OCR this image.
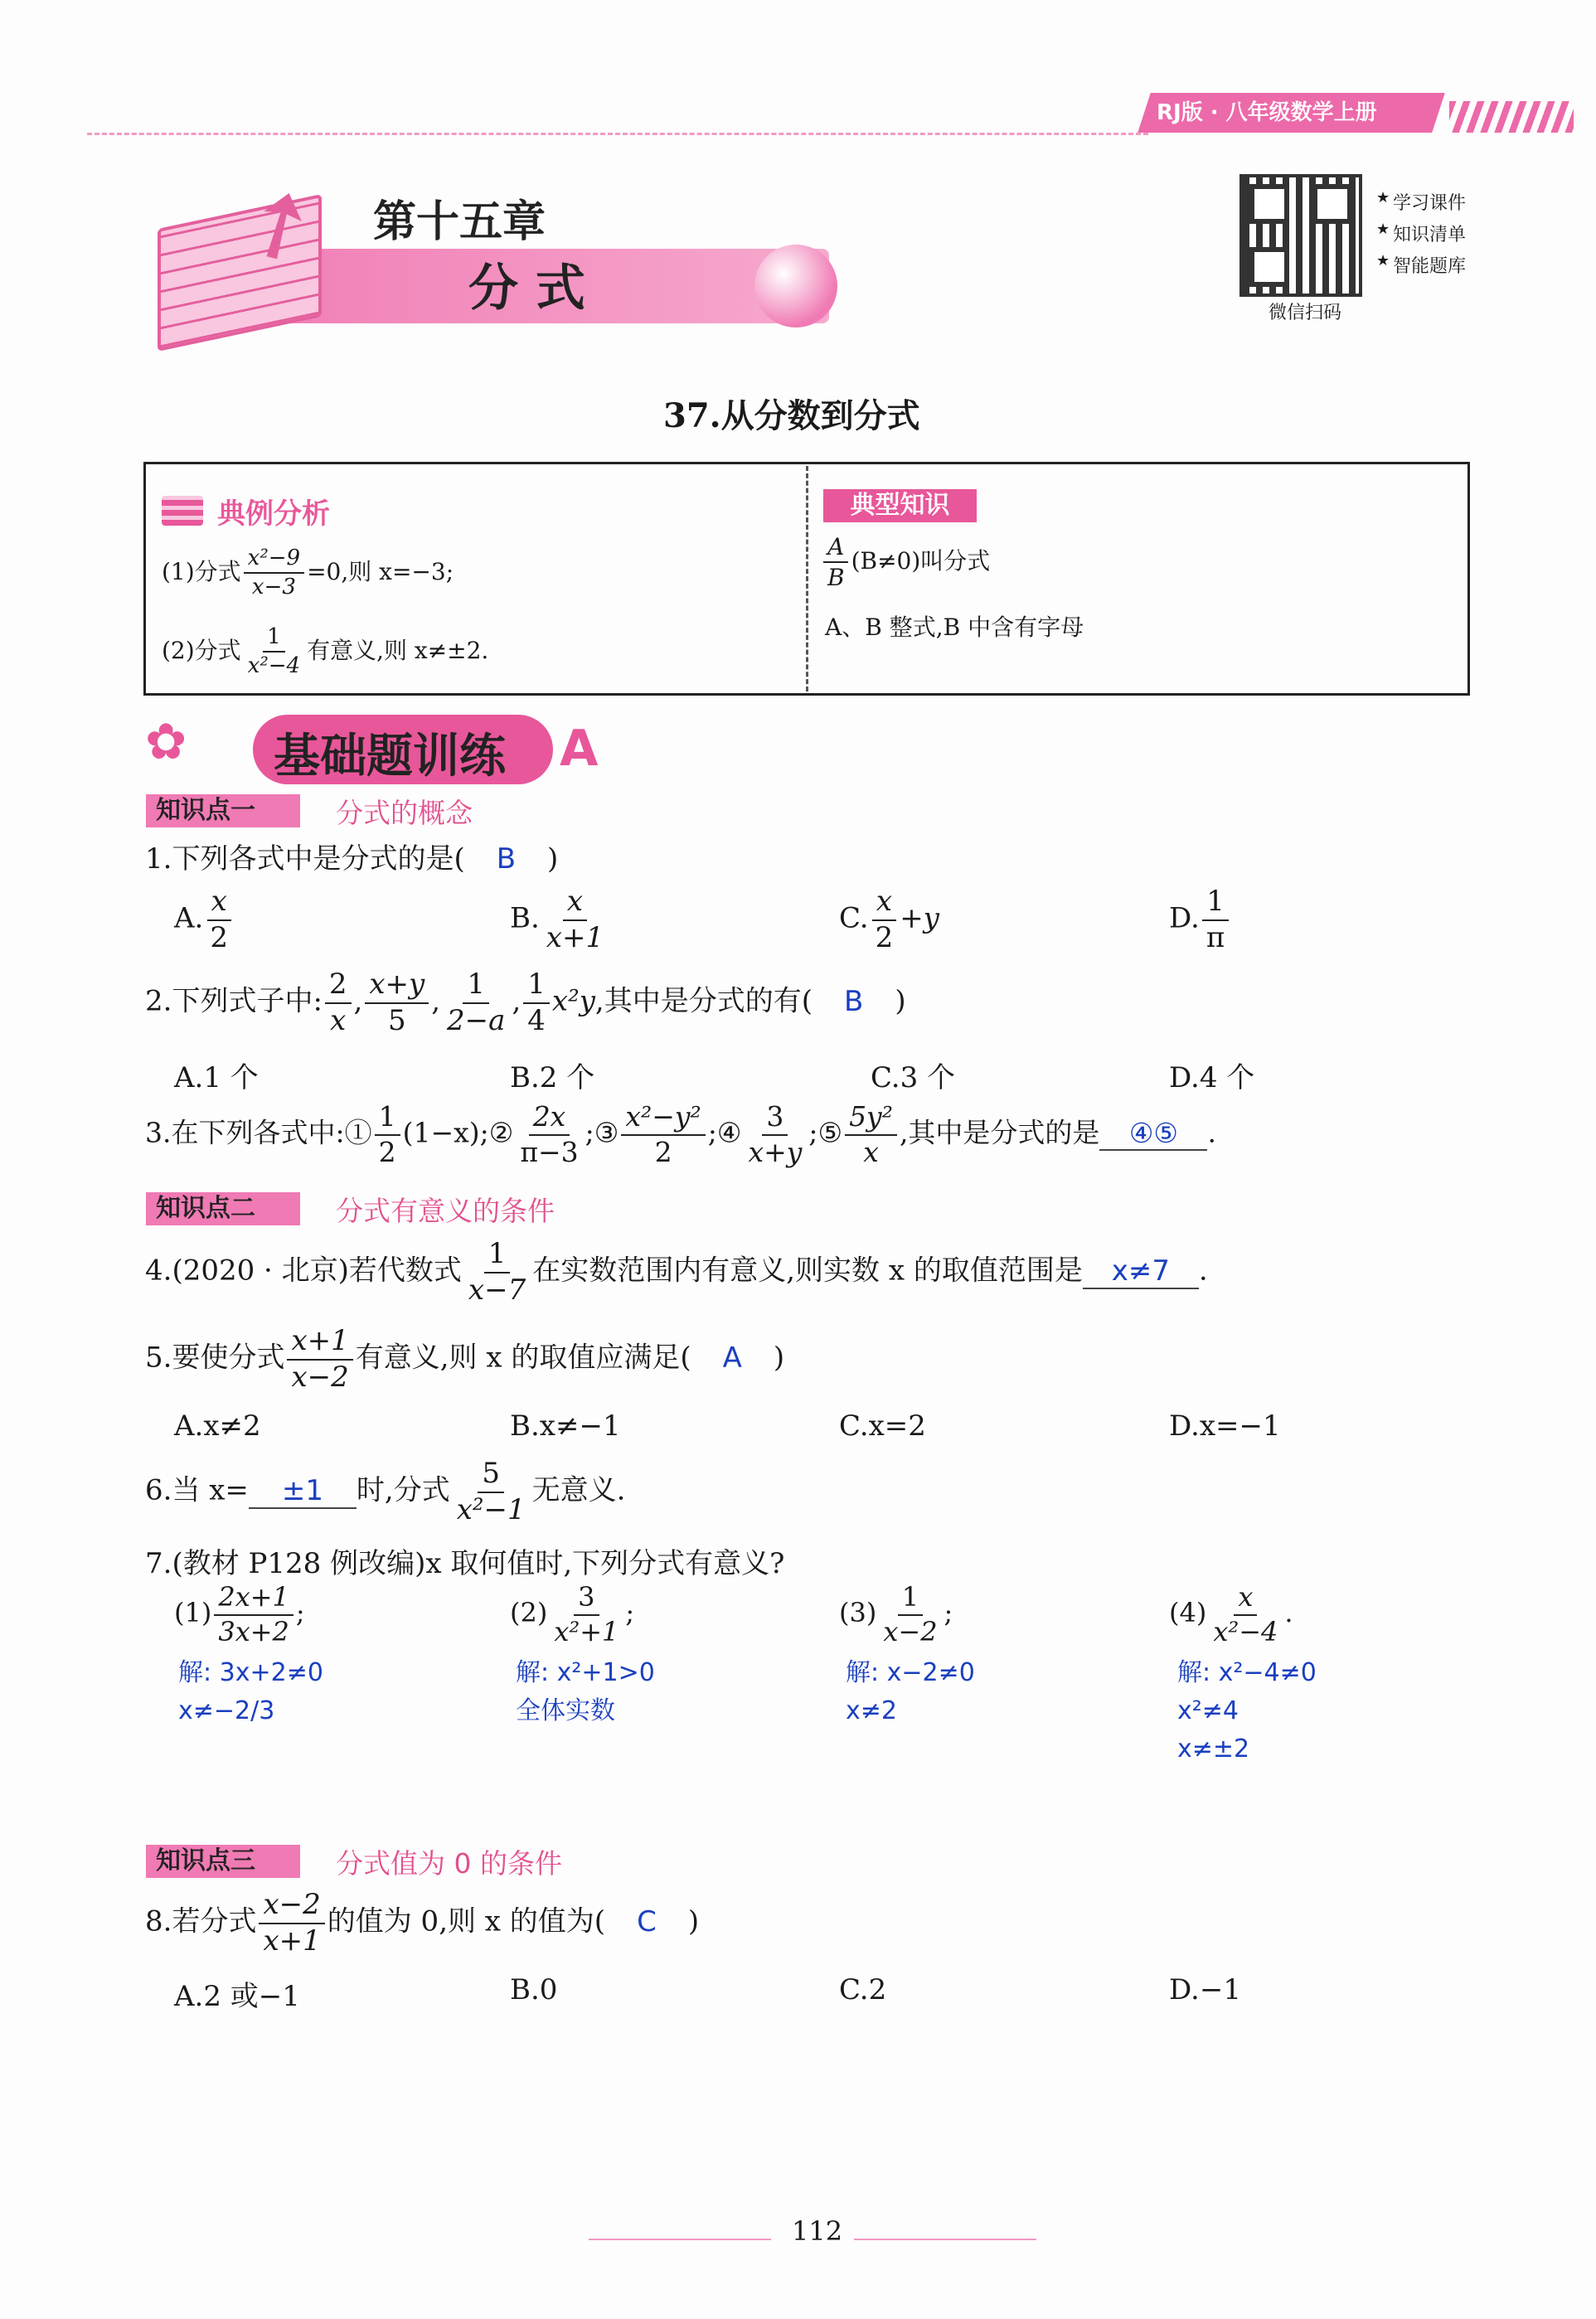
RJ版 · 八年级数学上册
➚ 第十五章
分 式
学习课件
知识清单
智能题库
★
★
★
微信扫码
37.从分数到分式
典例分析
(1)分式 $\frac{\text{x²−9}}{x-3} =0$,则 x=−3;
(2)分式 $\frac{1}{\text{x²−4}}$ 有意义,则 x≠±2.
典型知识
$\frac{A}{B} (B\ne 0)$叫分式
A、B 整式,B 中含有字母
✿ 基础题训练 A
知识点一	分式的概念
1.下列各式中是分式的是( B )
A. $\frac{x}{2}$	B. $\frac{x}{x+1}$	C. $\frac{x}{2} +y$	D. $\frac{1}{\pi}$
2.下列式子中: $\frac{2}{x}$ , $\frac{x+y}{5}$ , $\frac{1}{2-a}$ , $\frac{1}{4} x^2y$,其中是分式的有( B )
A.1 个	B.2 个	C.3 个	D.4 个
3.在下列各式中:① $\frac{1}{2}$ (1−x);② $\frac{2x}{\pi-3}$ ;③ $\frac{\text{x²−y²}}{2}$ ;④ $\frac{3}{x+y}$ ;⑤ $\frac{\text{5y²}}{x}$ ,其中是分式的是 ④⑤ .
知识点二	分式有意义的条件
4.(2020 · 北京)若代数式 $\frac{1}{x-7}$ 在实数范围内有意义,则实数 x 的取值范围是 x≠7 .
5.要使分式 $\frac{x+1}{x-2}$ 有意义,则 x 的取值应满足( A )
A.x≠2	B.x≠−1	C.x=2	D.x=−1
6.当 x= ±1 时,分式 $\frac{5}{\text{x²−1}}$ 无意义.
7.(教材 P128 例改编)x 取何值时,下列分式有意义?
$(1) \frac{2x+1}{3x+2}$ ;	$(2) \frac{3}{\text{x²+1}}$ ;	$(3) \frac{1}{x-2}$ ;	$(4) \frac{x}{\text{x²−4}}$ .
解: 3x+2≠0
x≠−2/3
解: x²+1>0
全体实数
解: x−2≠0
x≠2
解: x²−4≠0
x²≠4
x≠±2
知识点三	分式值为 0 的条件
8.若分式 $\frac{x-2}{x+1}$ 的值为 0,则 x 的值为( C )
A.2 或−1	B.0	C.2	D.−1
112
